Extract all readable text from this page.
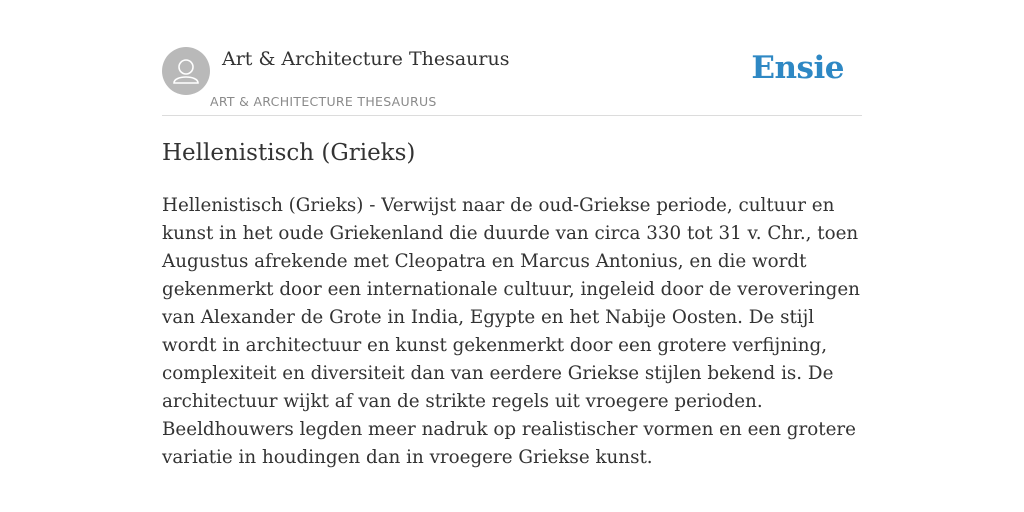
Art & Architecture Thesaurus
ART & ARCHITECTURE THESAURUS
Ensie
Hellenistisch (Grieks)

Hellenistisch (Grieks) - Verwijst naar de oud-Griekse periode, cultuur en kunst in het oude Griekenland die duurde van circa 330 tot 31 v. Chr., toen Augustus afrekende met Cleopatra en Marcus Antonius, en die wordt gekenmerkt door een internationale cultuur, ingeleid door de veroveringen van Alexander de Grote in India, Egypte en het Nabije Oosten. De stijl wordt in architectuur en kunst gekenmerkt door een grotere verfijning, complexiteit en diversiteit dan van eerdere Griekse stijlen bekend is. De architectuur wijkt af van de strikte regels uit vroegere perioden. Beeldhouwers legden meer nadruk op realistischer vormen en een grotere variatie in houdingen dan in vroegere Griekse kunst.
